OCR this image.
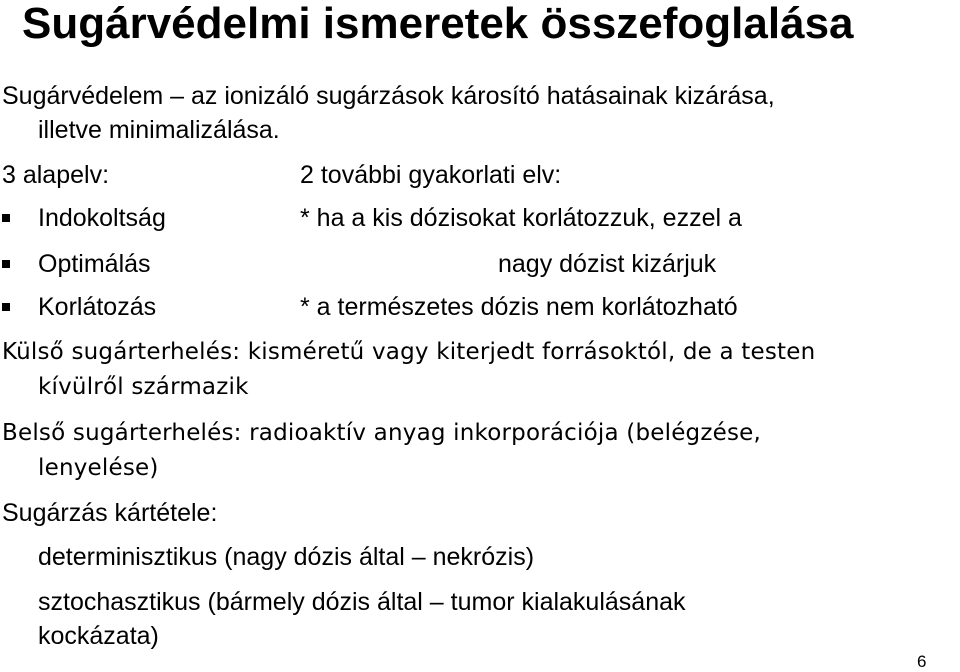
Sugárvédelmi ismeretek összefoglalása
Sugárvédelem – az ionizáló sugárzások károsító hatásainak kizárása,
illetve minimalizálása.
3 alapelv:	2 további gyakorlati elv:
Indokoltság	* ha a kis dózisokat korlátozzuk, ezzel a
Optimálás	nagy dózist kizárjuk
Korlátozás	* a természetes dózis nem korlátozható
Külső sugárterhelés: kisméretű vagy kiterjedt forrásoktól, de a testen
kívülről származik
Belső sugárterhelés: radioaktív anyag inkorporációja (belégzése,
lenyelése)
Sugárzás kártétele:
determinisztikus (nagy dózis által – nekrózis)
sztochasztikus (bármely dózis által – tumor kialakulásának
kockázata)
6
